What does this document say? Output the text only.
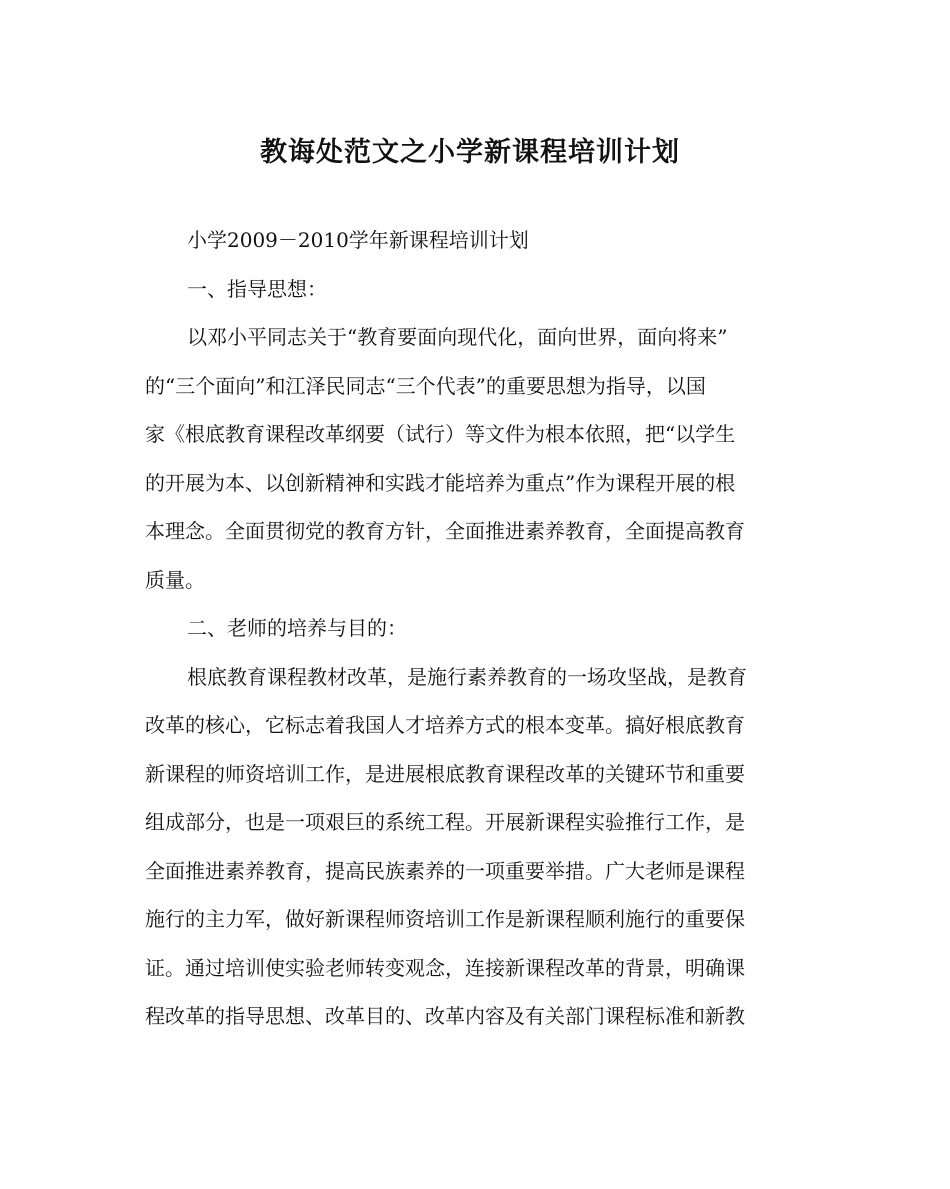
教诲处范文之小学新课程培训计划
小学2009－2010学年新课程培训计划
一、指导思想：
以邓小平同志关于“教育要面向现代化，面向世界，面向将来”
的“三个面向”和江泽民同志“三个代表”的重要思想为指导，以国
家《根底教育课程改革纲要（试行）等文件为根本依照，把“以学生
的开展为本、以创新精神和实践才能培养为重点”作为课程开展的根
本理念。全面贯彻党的教育方针，全面推进素养教育，全面提高教育
质量。
二、老师的培养与目的：
根底教育课程教材改革，是施行素养教育的一场攻坚战，是教育
改革的核心，它标志着我国人才培养方式的根本变革。搞好根底教育
新课程的师资培训工作，是进展根底教育课程改革的关键环节和重要
组成部分，也是一项艰巨的系统工程。开展新课程实验推行工作，是
全面推进素养教育，提高民族素养的一项重要举措。广大老师是课程
施行的主力军，做好新课程师资培训工作是新课程顺利施行的重要保
证。通过培训使实验老师转变观念，连接新课程改革的背景，明确课
程改革的指导思想、改革目的、改革内容及有关部门课程标准和新教
